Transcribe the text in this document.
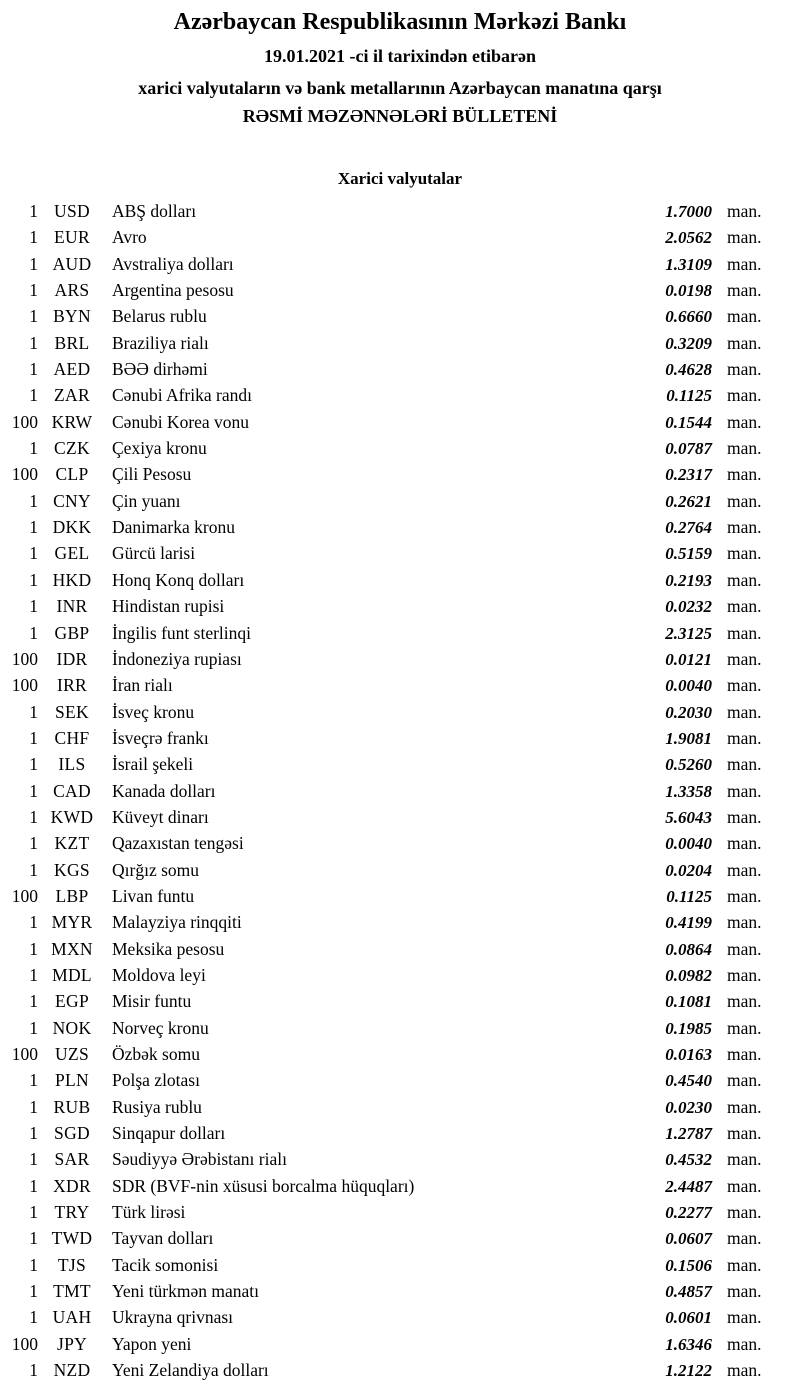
Azərbaycan Respublikasının Mərkəzi Bankı
19.01.2021 -ci il tarixindən etibarən
xarici valyutaların və bank metallarının Azərbaycan manatına qarşı
RƏSMİ MƏZƏNNƏLƏRİ BÜLLETENİ
Xarici valyutalar
1 USD	ABŞ dolları	1.7000 man.
1 EUR	Avro	2.0562 man.
1 AUD	Avstraliya dolları	1.3109 man.
1 ARS	Argentina pesosu	0.0198 man.
1 BYN	Belarus rublu	0.6660 man.
1 BRL	Braziliya rialı	0.3209 man.
1 AED	BƏƏ dirhəmi	0.4628 man.
1 ZAR	Cənubi Afrika randı	0.1125 man.
100 KRW	Cənubi Korea vonu	0.1544 man.
1 CZK	Çexiya kronu	0.0787 man.
100	CLP	Çili Pesosu	0.2317 man.
1 CNY	Çin yuanı	0.2621 man.
1 DKK	Danimarka kronu	0.2764 man.
1 GEL	Gürcü larisi	0.5159 man.
1 HKD	Honq Konq dolları	0.2193 man.
1	INR	Hindistan rupisi	0.0232 man.
1 GBP	İngilis funt sterlinqi	2.3125 man.
100	IDR	İndoneziya rupiası	0.0121 man.
100	IRR	İran rialı	0.0040 man.
1 SEK	İsveç kronu	0.2030 man.
1 CHF	İsveçrə frankı	1.9081 man.
1	ILS	İsrail şekeli	0.5260 man.
1 CAD	Kanada dolları	1.3358 man.
1 KWD	Küveyt dinarı	5.6043 man.
1 KZT	Qazaxıstan tengəsi	0.0040 man.
1 KGS	Qırğız somu	0.0204 man.
100	LBP	Livan funtu	0.1125 man.
1 MYR	Malayziya rinqqiti	0.4199 man.
1 MXN	Meksika pesosu	0.0864 man.
1 MDL	Moldova leyi	0.0982 man.
1 EGP	Misir funtu	0.1081 man.
1 NOK	Norveç kronu	0.1985 man.
100 UZS	Özbək somu	0.0163 man.
1 PLN	Polşa zlotası	0.4540 man.
1 RUB	Rusiya rublu	0.0230 man.
1 SGD	Sinqapur dolları	1.2787 man.
1 SAR	Səudiyyə Ərəbistanı rialı	0.4532 man.
1 XDR	SDR (BVF-nin xüsusi borcalma hüquqları)	2.4487 man.
1 TRY	Türk lirəsi	0.2277 man.
1 TWD	Tayvan dolları	0.0607 man.
1	TJS	Tacik somonisi	0.1506 man.
1 TMT	Yeni türkmən manatı	0.4857 man.
1 UAH	Ukrayna qrivnası	0.0601 man.
100	JPY	Yapon yeni	1.6346 man.
1 NZD	Yeni Zelandiya dolları	1.2122 man.
